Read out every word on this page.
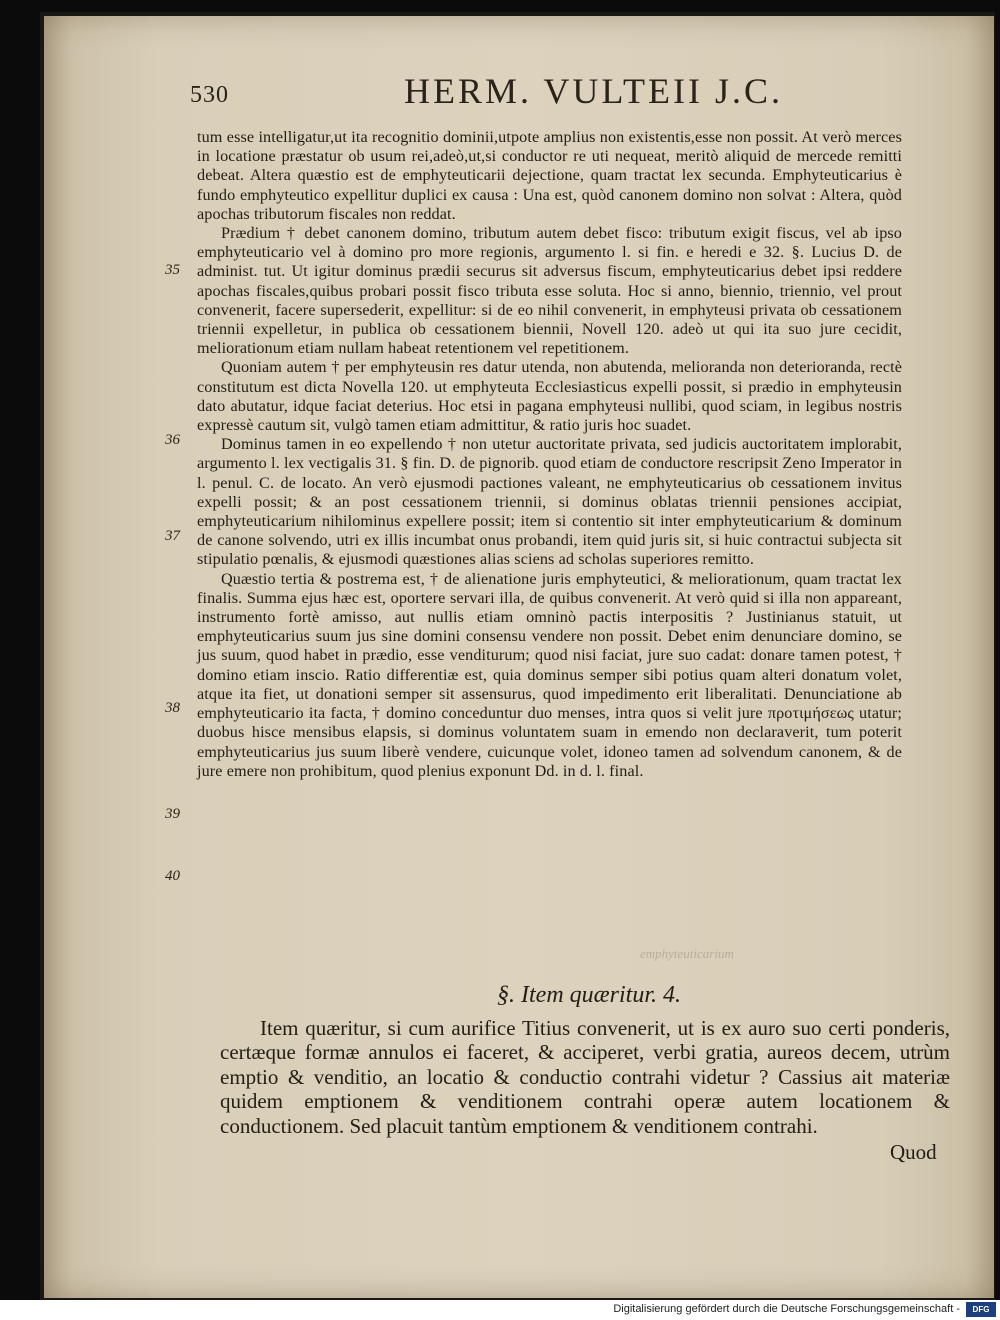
530	HERM. VULTEII J.C.
35
36
37
38
39
40

tum esse intelligatur,ut ita recognitio dominii,utpote amplius non existentis,esse non possit. At verò merces in locatione præstatur ob usum rei,adeò,ut,si conductor re uti nequeat, meritò aliquid de mercede remitti debeat. Altera quæstio est de emphyteuticarii dejectione, quam tractat lex secunda. Emphyteuticarius è fundo emphyteutico expellitur duplici ex causa : Una est, quòd canonem domino non solvat : Altera, quòd apochas tributorum fiscales non reddat.

Prædium † debet canonem domino, tributum autem debet fisco: tributum exigit fiscus, vel ab ipso emphyteuticario vel à domino pro more regionis, argumento l. si fin. e heredi e 32. §. Lucius D. de administ. tut. Ut igitur dominus prædii securus sit adversus fiscum, emphyteuticarius debet ipsi reddere apochas fiscales,quibus probari possit fisco tributa esse soluta. Hoc si anno, biennio, triennio, vel prout convenerit, facere supersederit, expellitur: si de eo nihil convenerit, in emphyteusi privata ob cessationem triennii expelletur, in publica ob cessationem biennii, Novell 120. adeò ut qui ita suo jure cecidit, meliorationum etiam nullam habeat retentionem vel repetitionem.

Quoniam autem † per emphyteusin res datur utenda, non abutenda, melioranda non deterioranda, rectè constitutum est dicta Novella 120. ut emphyteuta Ecclesiasticus expelli possit, si prædio in emphyteusin dato abutatur, idque faciat deterius. Hoc etsi in pagana emphyteusi nullibi, quod sciam, in legibus nostris expressè cautum sit, vulgò tamen etiam admittitur, & ratio juris hoc suadet.

Dominus tamen in eo expellendo † non utetur auctoritate privata, sed judicis auctoritatem implorabit, argumento l. lex vectigalis 31. § fin. D. de pignorib. quod etiam de conductore rescripsit Zeno Imperator in l. penul. C. de locato. An verò ejusmodi pactiones valeant, ne emphyteuticarius ob cessationem invitus expelli possit; & an post cessationem triennii, si dominus oblatas triennii pensiones accipiat, emphyteuticarium nihilominus expellere possit; item si contentio sit inter emphyteuticarium & dominum de canone solvendo, utri ex illis incumbat onus probandi, item quid juris sit, si huic contractui subjecta sit stipulatio pœnalis, & ejusmodi quæstiones alias sciens ad scholas superiores remitto.

Quæstio tertia & postrema est, † de alienatione juris emphyteutici, & meliorationum, quam tractat lex finalis. Summa ejus hæc est, oportere servari illa, de quibus convenerit. At verò quid si illa non appareant, instrumento fortè amisso, aut nullis etiam omninò pactis interpositis ? Justinianus statuit, ut emphyteuticarius suum jus sine domini consensu vendere non possit. Debet enim denunciare domino, se jus suum, quod habet in prædio, esse venditurum; quod nisi faciat, jure suo cadat: donare tamen potest, † domino etiam inscio. Ratio differentiæ est, quia dominus semper sibi potius quam alteri donatum volet, atque ita fiet, ut donationi semper sit assensurus, quod impedimento erit liberalitati. Denunciatione ab emphyteuticario ita facta, † domino conceduntur duo menses, intra quos si velit jure προτιμήσεως utatur; duobus hisce mensibus elapsis, si dominus voluntatem suam in emendo non declaraverit, tum poterit emphyteuticarius jus suum liberè vendere, cuicunque volet, idoneo tamen ad solvendum canonem, & de jure emere non prohibitum, quod plenius exponunt Dd. in d. l. final.

emphyteuticarium
§. Item quæritur. 4.

Item quæritur, si cum aurifice Titius convenerit, ut is ex auro suo certi ponderis, certæque formæ annulos ei faceret, & acciperet, verbi gratia, aureos decem, utrùm emptio & venditio, an locatio & conductio contrahi videtur ? Cassius ait materiæ quidem emptionem & venditionem contrahi operæ autem locationem & conductionem. Sed placuit tantùm emptionem & venditionem contrahi.

Quod
Digitalisierung gefördert durch die Deutsche Forschungsgemeinschaft -	DFG
